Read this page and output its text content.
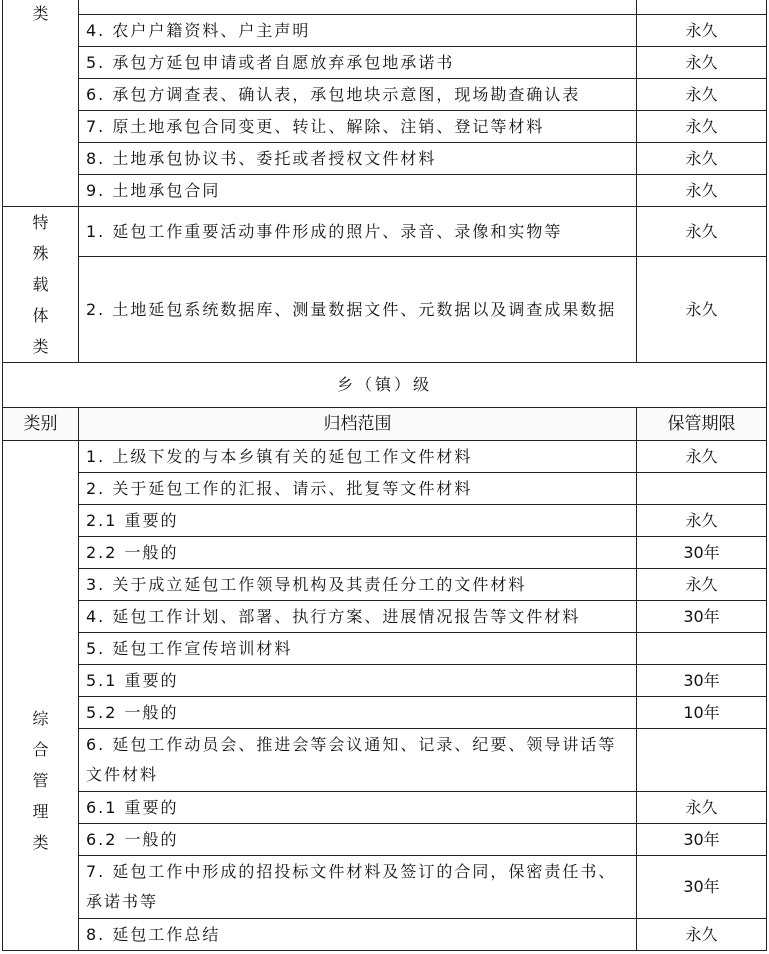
类		
	4. 农户户籍资料、户主声明	永久
	5. 承包方延包申请或者自愿放弃承包地承诺书	永久
	6. 承包方调查表、确认表，承包地块示意图，现场勘查确认表	永久
	7. 原土地承包合同变更、转让、解除、注销、登记等材料	永久
	8. 土地承包协议书、委托或者授权文件材料	永久
	9. 土地承包合同	永久
特殊载体类	1. 延包工作重要活动事件形成的照片、录音、录像和实物等	永久
	2. 土地延包系统数据库、测量数据文件、元数据以及调查成果数据	永久
乡（镇）级		
类别	归档范围	保管期限
综合管理类	1. 上级下发的与本乡镇有关的延包工作文件材料	永久
	2. 关于延包工作的汇报、请示、批复等文件材料	
	2.1 重要的	永久
	2.2 一般的	30年
	3. 关于成立延包工作领导机构及其责任分工的文件材料	永久
	4. 延包工作计划、部署、执行方案、进展情况报告等文件材料	30年
	5. 延包工作宣传培训材料	
	5.1 重要的	30年
	5.2 一般的	10年
	6. 延包工作动员会、推进会等会议通知、记录、纪要、领导讲话等文件材料	
	6.1 重要的	永久
	6.2 一般的	30年
	7. 延包工作中形成的招投标文件材料及签订的合同，保密责任书、承诺书等	30年
	8. 延包工作总结	永久
